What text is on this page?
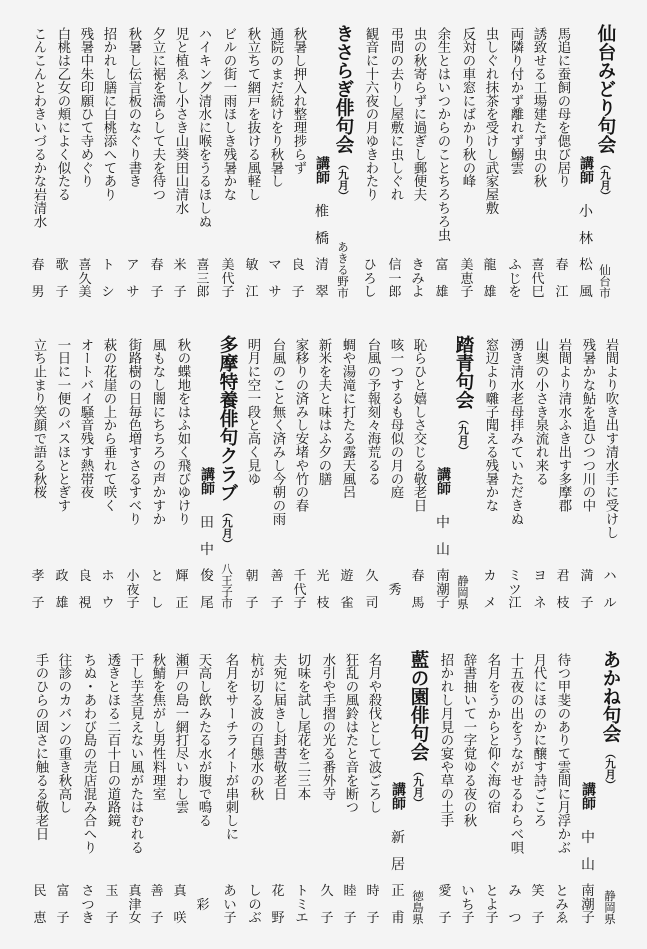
仙台みどり句会（九月）
仙台市
講師
小
林
松
風
馬追に蚕飼の母を偲び居り
春
江
誘致せる工場建たず虫の秋
喜
代
巳
両隣り付かず離れず鰯雲
ふ
じ
を
虫しぐれ抹茶を受けし武家屋敷
龍
雄
反対の車窓にばかり秋の峰
美
恵
子
余生とはいつからのことちろちろ虫
富
雄
虫の秋寄らずに過ぎし郵便夫
き
み
よ
弔問の去りし屋敷に虫しぐれ
信
一
郎
観音に十六夜の月ゆきわたり
ひ
ろ
し
きさらぎ俳句会（九月）
あきる野市
講師
椎
橋
清
翠
秋暑し押入れ整理捗らず
良
子
通院のまだ続けをり秋暑し
マ
サ
秋立ちて網戸を抜ける風軽し
敏
江
ビルの街一雨ほしき残暑かな
美
代
子
ハイキング清水に喉をうるほしぬ
喜
三
郎
児と植ゑし小さき山葵田山清水
米
子
夕立に裾を濡らして夫を待つ
春
子
秋暑し伝言板のなぐり書き
ア
サ
招かれし膳に白桃添へてあり
ト
シ
残暑中朱印願ひて寺めぐり
喜
久
美
白桃は乙女の頬によく似たる
歌
子
こんこんとわきいづるかな岩清水
春
男
岩間より吹き出す清水手に受けし
ハ
ル
残暑かな鮎を追ひつつ川の中
満
子
岩間より清水ふき出す多摩郡
君
枝
山奥の小さき泉流れ来る
ヨ
ネ
湧き清水老母拝みていただきぬ
ミ
ツ
江
窓辺より囃子聞える残暑かな
カ
メ
踏青句会（九月）
静岡県
講師
中
山
南
潮
子
恥らひと嬉しさ交じる敬老日
春
馬
咳一つするも母似の月の庭
秀
台風の予報刻々海荒るる
久
司
蜩や湯滝に打たる露天風呂
遊
雀
新米を夫と味はふ夕の膳
光
枝
家移りの済みし安堵や竹の春
千
代
子
台風のこと無く済みし今朝の雨
善
子
明月に空一段と高く見ゆ
朝
子
多摩特養俳句クラブ（九月）
八王子市
講師
田
中
俊
尾
秋の蝶地をはふ如く飛びゆけり
輝
正
風もなし闇にちちろの声かすか
と
し
街路樹の日毎色増すさるすべり
小
夜
子
萩の花崖の上から垂れて咲く
ホ
ウ
オートバイ騒音残す熱帯夜
良
視
一日に一便のバスほととぎす
政
雄
立ち止まり笑顔で語る秋桜
孝
子
あかね句会（九月）
静岡県
講師
中
山
南
潮
子
待つ甲斐のありて雲間に月浮かぶ
と
み
ゑ
月代にほのかに醸す詩ごころ
笑
子
十五夜の出をうながせるわらべ唄
み
つ
名月をうからと仰ぐ海の宿
と
よ
子
辞書抽いて一字覚ゆる夜の秋
い
ち
子
招かれし月見の宴や草の土手
愛
子
藍の園俳句会（九月）
徳島県
講師
新
居
正
甫
名月や殺伐として波ごろし
時
子
狂乱の風鈴はたと音を断つ
睦
子
水引や手摺の光る番外寺
久
子
切味を試し尾花を二三本
ト
ミ
エ
夫宛に届きし封書敬老日
花
野
杭が切る波の百態水の秋
し
の
ぶ
名月をサーチライトが串刺しに
あ
い
子
天高し飲みたる水が腹で鳴る
彩
瀬戸の島一網打尽いわし雲
真
咲
秋鯖を焦がし男性料理室
善
子
干し芋茎見えない風がたはむれる
真
津
女
透きとほる二百十日の道路鏡
玉
子
ちぬ・あわび島の売店混み合へり
さ
つ
き
往診のカバンの重き秋高し
富
子
手のひらの固さに触るる敬老日
民
恵
